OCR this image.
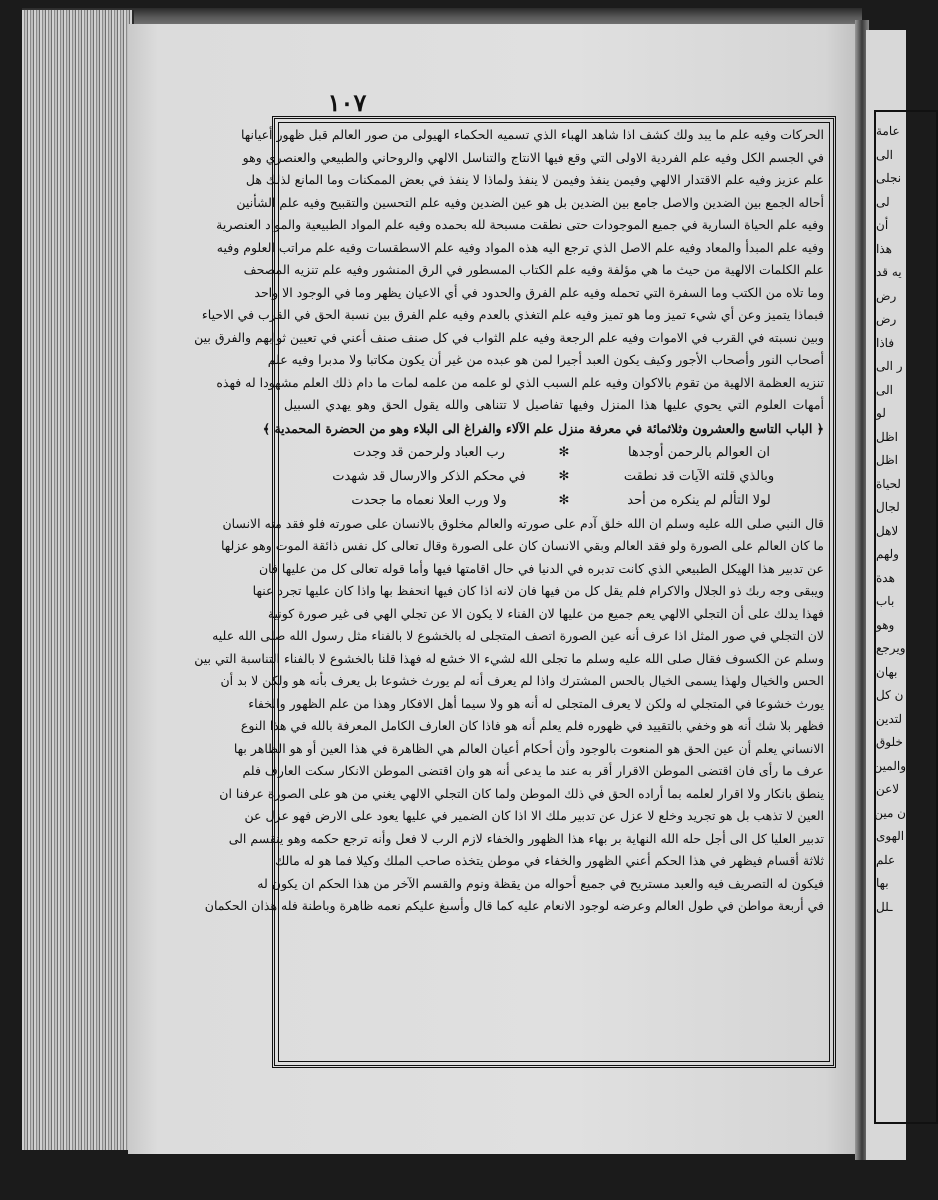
عامة
الى
نجلى
لى
أن
هذا
يه قد
رض
رض
فاذا
ر الى
الى
لو
اظل
اظل
لحياة
لجال
لاهل
ولهم
هدة
باب
وهو
ويرجع
بهان
ن كل
لتدين
خلوق
والمين
لاعن
ن مين
الهوى
علم
بها
ـلل
١٠٧
الحركات وفيه علم ما يبد ولك كشف اذا شاهد الهباء الذي تسميه الحكماء الهيولى من صور العالم قبل ظهور أعيانها
في الجسم الكل وفيه علم الفردية الاولى التي وقع فيها الانتاج والتناسل الالهي والروحاني والطبيعي والعنصري وهو
علم عزيز وفيه علم الاقتدار الالهي وفيمن ينفذ وفيمن لا ينفذ ولماذا لا ينفذ في بعض الممكنات وما المانع لذلك هل
أحاله الجمع بين الضدين والاصل جامع بين الضدين بل هو عين الضدين وفيه علم التحسين والتقبيح وفيه علم الشأنين
وفيه علم الحياة السارية في جميع الموجودات حتى نطقت مسبحة لله بحمده وفيه علم المواد الطبيعية والمواد العنصرية
وفيه علم المبدأ والمعاد وفيه علم الاصل الذي ترجع اليه هذه المواد وفيه علم الاسطقسات وفيه علم مراتب العلوم وفيه
علم الكلمات الالهية من حيث ما هي مؤلفة وفيه علم الكتاب المسطور في الرق المنشور وفيه علم تنزيه المصحف
وما تلاه من الكتب وما السفرة التي تحمله وفيه علم الفرق والحدود في أي الاعيان يظهر وما في الوجود الا واحد
فبماذا يتميز وعن أي شيء تميز وما هو تميز وفيه علم التغذي بالعدم وفيه علم الفرق بين نسبة الحق في القرب في الاحياء
وبين نسبته في القرب في الاموات وفيه علم الرجعة وفيه علم الثواب في كل صنف صنف أعني في تعيين ثوابهم والفرق بين
أصحاب النور وأصحاب الأجور وكيف يكون العبد أجيرا لمن هو عبده من غير أن يكون مكاتبا ولا مدبرا وفيه علم
تنزيه العظمة الالهية من تقوم بالاكوان وفيه علم السبب الذي لو علمه من علمه لمات ما دام ذلك العلم مشهودا له فهذه
أمهات العلوم التي يحوي عليها هذا المنزل وفيها تفاصيل لا تتناهى والله يقول الحق وهو يهدي السبيل
﴿ الباب التاسع والعشرون وثلاثمائة في معرفة منزل علم الآلاء والفراغ الى البلاء وهو من الحضرة المحمدية ﴾
ان العوالم بالرحمن أوجدها✻رب العباد ولرحمن قد وجدت
وبالذي قلته الآيات قد نطقت✻في محكم الذكر والارسال قد شهدت
لولا التألم لم ينكره من أحد✻ولا ورب العلا نعماه ما جحدت
قال النبي صلى الله عليه وسلم ان الله خلق آدم على صورته والعالم مخلوق بالانسان على صورته فلو فقد منه الانسان
ما كان العالم على الصورة ولو فقد العالم وبقي الانسان كان على الصورة وقال تعالى كل نفس ذائقة الموت وهو عزلها
عن تدبير هذا الهيكل الطبيعي الذي كانت تدبره في الدنيا في حال اقامتها فيها وأما قوله تعالى كل من عليها فان
ويبقى وجه ربك ذو الجلال والاكرام فلم يقل كل من فيها فان لانه اذا كان فيها انحفظ بها واذا كان عليها تجرد عنها
فهذا يدلك على أن التجلي الالهي يعم جميع من عليها لان الفناء لا يكون الا عن تجلي الهي فى غير صورة كونية
لان التجلي في صور المثل اذا عرف أنه عين الصورة اتصف المتجلى له بالخشوع لا بالفناء مثل رسول الله صلى الله عليه
وسلم عن الكسوف فقال صلى الله عليه وسلم ما تجلى الله لشيء الا خشع له فهذا قلنا بالخشوع لا بالفناء التناسبة التي بين
الحس والخيال ولهذا يسمى الخيال بالحس المشترك واذا لم يعرف أنه لم يورث خشوعا بل يعرف بأنه هو ولكن لا بد أن
يورث خشوعا في المتجلي له ولكن لا يعرف المتجلى له أنه هو ولا سيما أهل الافكار وهذا من علم الظهور والخفاء
فظهر بلا شك أنه هو وخفي بالتقييد في ظهوره فلم يعلم أنه هو فاذا كان العارف الكامل المعرفة بالله في هذا النوع
الانساني يعلم أن عين الحق هو المنعوت بالوجود وأن أحكام أعيان العالم هي الظاهرة في هذا العين أو هو الظاهر بها
عرف ما رأى فان اقتضى الموطن الاقرار أقر به عند ما يدعى أنه هو وان اقتضى الموطن الانكار سكت العارف فلم
ينطق بانكار ولا اقرار لعلمه بما أراده الحق في ذلك الموطن ولما كان التجلي الالهي يغني من هو على الصورة عرفنا ان
العين لا تذهب بل هو تجريد وخلع لا عزل عن تدبير ملك الا اذا كان الضمير في عليها يعود على الارض فهو عزل عن
تدبير العليا كل الى أجل حله الله النهاية بر بهاء هذا الظهور والخفاء لازم الرب لا فعل وأنه ترجع حكمه وهو ينقسم الى
ثلاثة أقسام فيظهر في هذا الحكم أعني الظهور والخفاء في موطن يتخذه صاحب الملك وكيلا فما هو له مالك
فيكون له التصريف فيه والعبد مستريح في جميع أحواله من يقظة ونوم والقسم الآخر من هذا الحكم ان يكون له
في أربعة مواطن في طول العالم وعرضه لوجود الانعام عليه كما قال وأسبغ عليكم نعمه ظاهرة وباطنة فله هذان الحكمان
